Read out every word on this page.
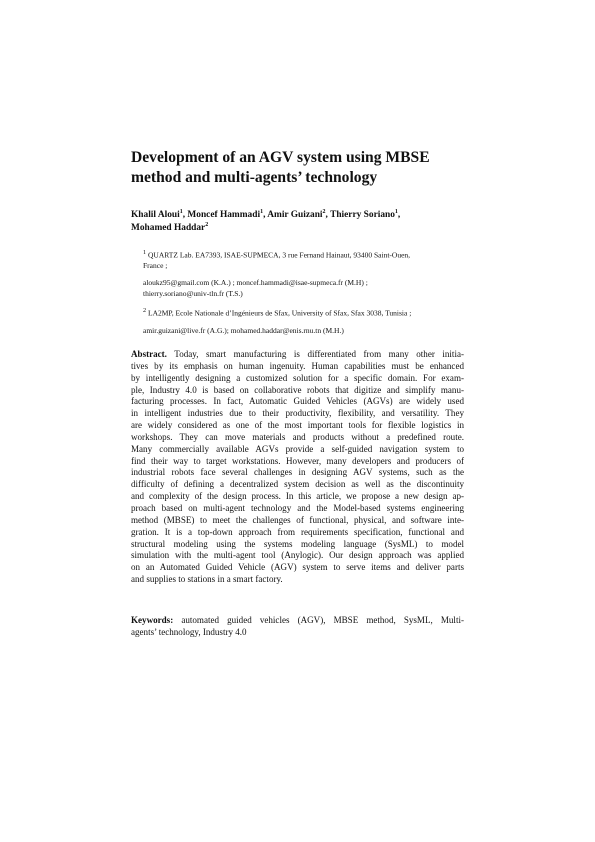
Development of an AGV system using MBSE
method and multi-agents’ technology
Khalil Aloui$^1$, Moncef Hammadi$^1$, Amir Guizani$^2$, Thierry Soriano$^1$,
Mohamed Haddar$^2$

$^1$ QUARTZ Lab. EA7393, ISAE-SUPMECA, 3 rue Fernand Hainaut, 93400 Saint-Ouen,
France ;

aloukz95@gmail.com (K.A.) ; moncef.hammadi@isae-supmeca.fr (M.H) ;
thierry.soriano@univ-tln.fr (T.S.)

$^2$ LA2MP, Ecole Nationale d’Ingénieurs de Sfax, University of Sfax, Sfax 3038, Tunisia ;

amir.guizani@live.fr (A.G.); mohamed.haddar@enis.rnu.tn (M.H.)

Abstract. Today, smart manufacturing is differentiated from many other initia-
tives by its emphasis on human ingenuity. Human capabilities must be enhanced
by intelligently designing a customized solution for a specific domain. For exam-
ple, Industry 4.0 is based on collaborative robots that digitize and simplify manu-
facturing processes. In fact, Automatic Guided Vehicles (AGVs) are widely used
in intelligent industries due to their productivity, flexibility, and versatility. They
are widely considered as one of the most important tools for flexible logistics in
workshops. They can move materials and products without a predefined route.
Many commercially available AGVs provide a self-guided navigation system to
find their way to target workstations. However, many developers and producers of
industrial robots face several challenges in designing AGV systems, such as the
difficulty of defining a decentralized system decision as well as the discontinuity
and complexity of the design process. In this article, we propose a new design ap-
proach based on multi-agent technology and the Model-based systems engineering
method (MBSE) to meet the challenges of functional, physical, and software inte-
gration. It is a top-down approach from requirements specification, functional and
structural modeling using the systems modeling language (SysML) to model
simulation with the multi-agent tool (Anylogic). Our design approach was applied
on an Automated Guided Vehicle (AGV) system to serve items and deliver parts
and supplies to stations in a smart factory.
Keywords: automated guided vehicles (AGV), MBSE method, SysML, Multi-
agents’ technology, Industry 4.0
